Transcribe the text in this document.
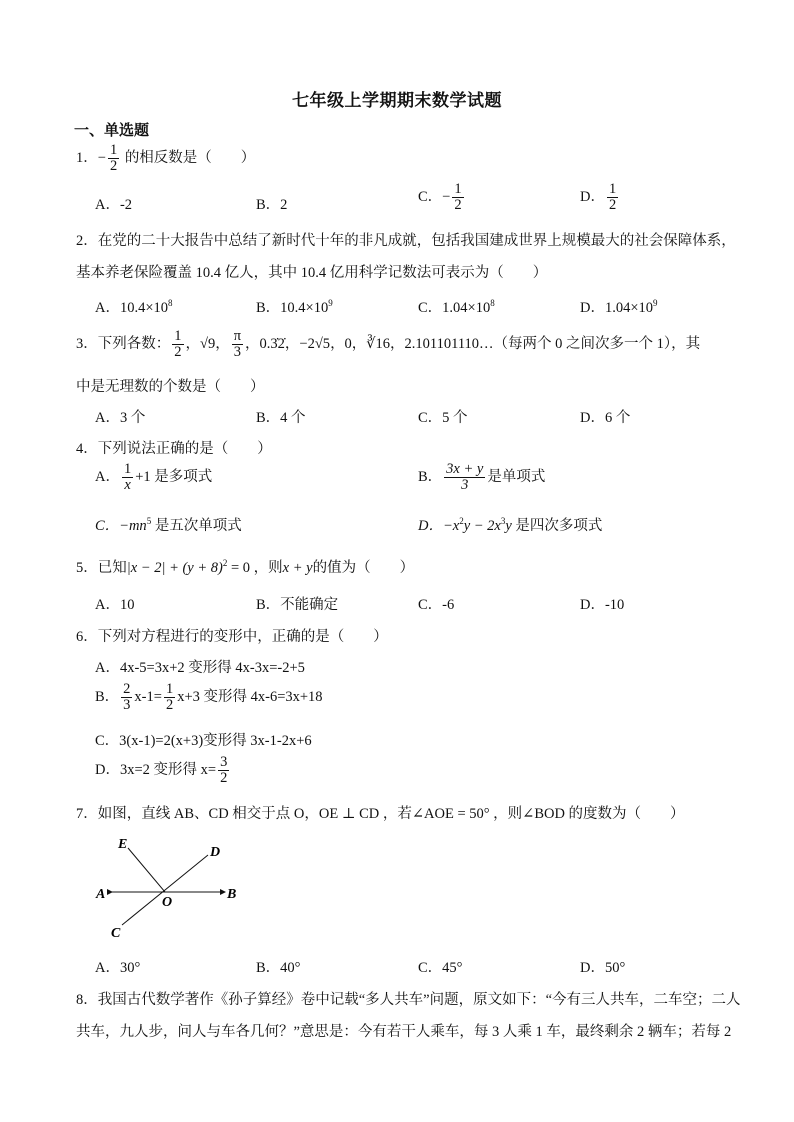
七年级上学期期末数学试题
一、单选题
1．− $\frac{1}{2}$ 的相反数是（　　）
A．-2	B．2	C．− $\frac{1}{2}$	D． $\frac{1}{2}$
2．在党的二十大报告中总结了新时代十年的非凡成就，包括我国建成世界上规模最大的社会保障体系，
基本养老保险覆盖 10.4 亿人，其中 10.4 亿用科学记数法可表示为（　　）
A．$10.4\times 10^8$	B．$10.4\times 10^9$	C．$1.04\times 10^8$	D．$1.04\times 10^9$
3．下列各数： $\frac{1}{2}$ ，√9， $\frac{\pi}{3}$ ，0.3̇2̇，−2√5，0，∛16，2.101101110…（每两个 0 之间次多一个 1），其
中是无理数的个数是（　　）
A．3 个	B．4 个	C．5 个	D．6 个
4．下列说法正确的是（　　）
A． $\frac{1}{x} +1$ 是多项式	B． $\frac{3x + y}{3}$ 是单项式
C．$-mn^5$ 是五次单项式	D．$-x^2y - 2x^3y$ 是四次多项式
5．已知$|x - 2| + (y + 8)^2 = 0$ ，则x + y的值为（　　）
A．10	B．不能确定	C．-6	D．-10
6．下列对方程进行的变形中，正确的是（　　）
A．4x-5=3x+2 变形得 4x-3x=-2+5
B． $\frac{2}{3} x-1= \frac{1}{2} x+3$ 变形得 4x-6=3x+18
C．3(x-1)=2(x+3)变形得 3x-1-2x+6
D．3x=2 变形得 $x= \frac{3}{2}$
7．如图，直线 AB、CD 相交于点 O，OE ⊥ CD ，若∠AOE = 50° ，则∠BOD 的度数为（　　）
E
D
A
O
B
C
A．30°	B．40°	C．45°	D．50°
8．我国古代数学著作《孙子算经》卷中记载“多人共车”问题，原文如下：“今有三人共车，二车空；二人
共车，九人步，问人与车各几何？”意思是：今有若干人乘车，每 3 人乘 1 车，最终剩余 2 辆车；若每 2
